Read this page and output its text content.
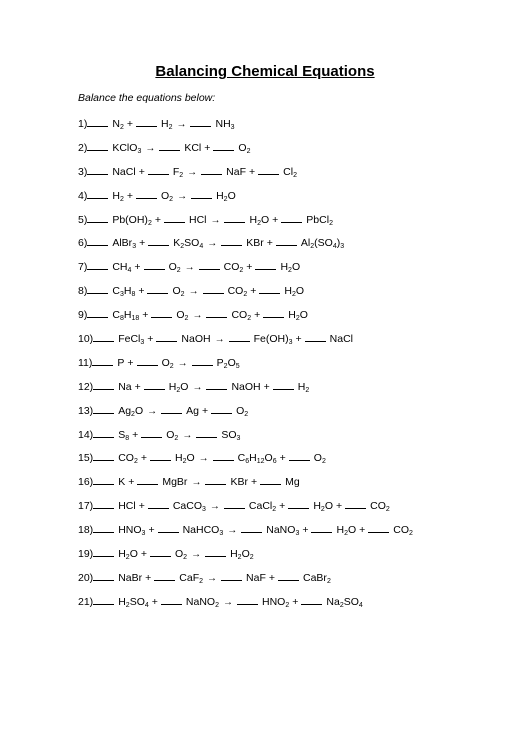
Balancing Chemical Equations
Balance the equations below:
1) $N_2$ +	$H_2$ →	$NH_3$
2) KClO$_3$ →	KCl +	$O_2$
3) NaCl +	$F_2$ →	NaF +	$Cl_2$
4) $H_2$ +	$O_2$ →	$H_2O$
5) $Pb(OH)_2$ +	HCl →	$H_2O$ +	PbCl$_2$
6) AlBr$_3$ +	$K_2SO_4$ →	KBr +	$Al_2(SO_4)_3$
7) $CH_4$ +	$O_2$ →	$CO_2$ +	$H_2O$
8) $C_3H_8$ +	$O_2$ →	$CO_2$ +	$H_2O$
9) $C_8H_{18}$ +	$O_2$ →	$CO_2$ +	$H_2O$
10) FeCl$_3$ +	NaOH →	$Fe(OH)_3$ +	NaCl
11) P +	$O_2$ →	$P_2O_5$
12) Na +	$H_2O$ →	NaOH +	$H_2$
13) $Ag_2O$ →	Ag +	$O_2$
14) $S_8$ +	$O_2$ →	$SO_3$
15) $CO_2$ +	$H_2O$ →	$C_6H_{12}O_6$ +	$O_2$
16) K +	MgBr →	KBr +	Mg
17) HCl +	CaCO$_3$ →	CaCl$_2$ +	$H_2O$ +	$CO_2$
18) $HNO_3$ +	NaHCO$_3$ →	NaNO$_3$ +	$H_2O$ +	$CO_2$
19) $H_2O$ +	$O_2$ →	$H_2O_2$
20) NaBr +	CaF$_2$ →	NaF +	CaBr$_2$
21) $H_2SO_4$ +	NaNO$_2$ →	$HNO_2$ +	$Na_2SO_4$
